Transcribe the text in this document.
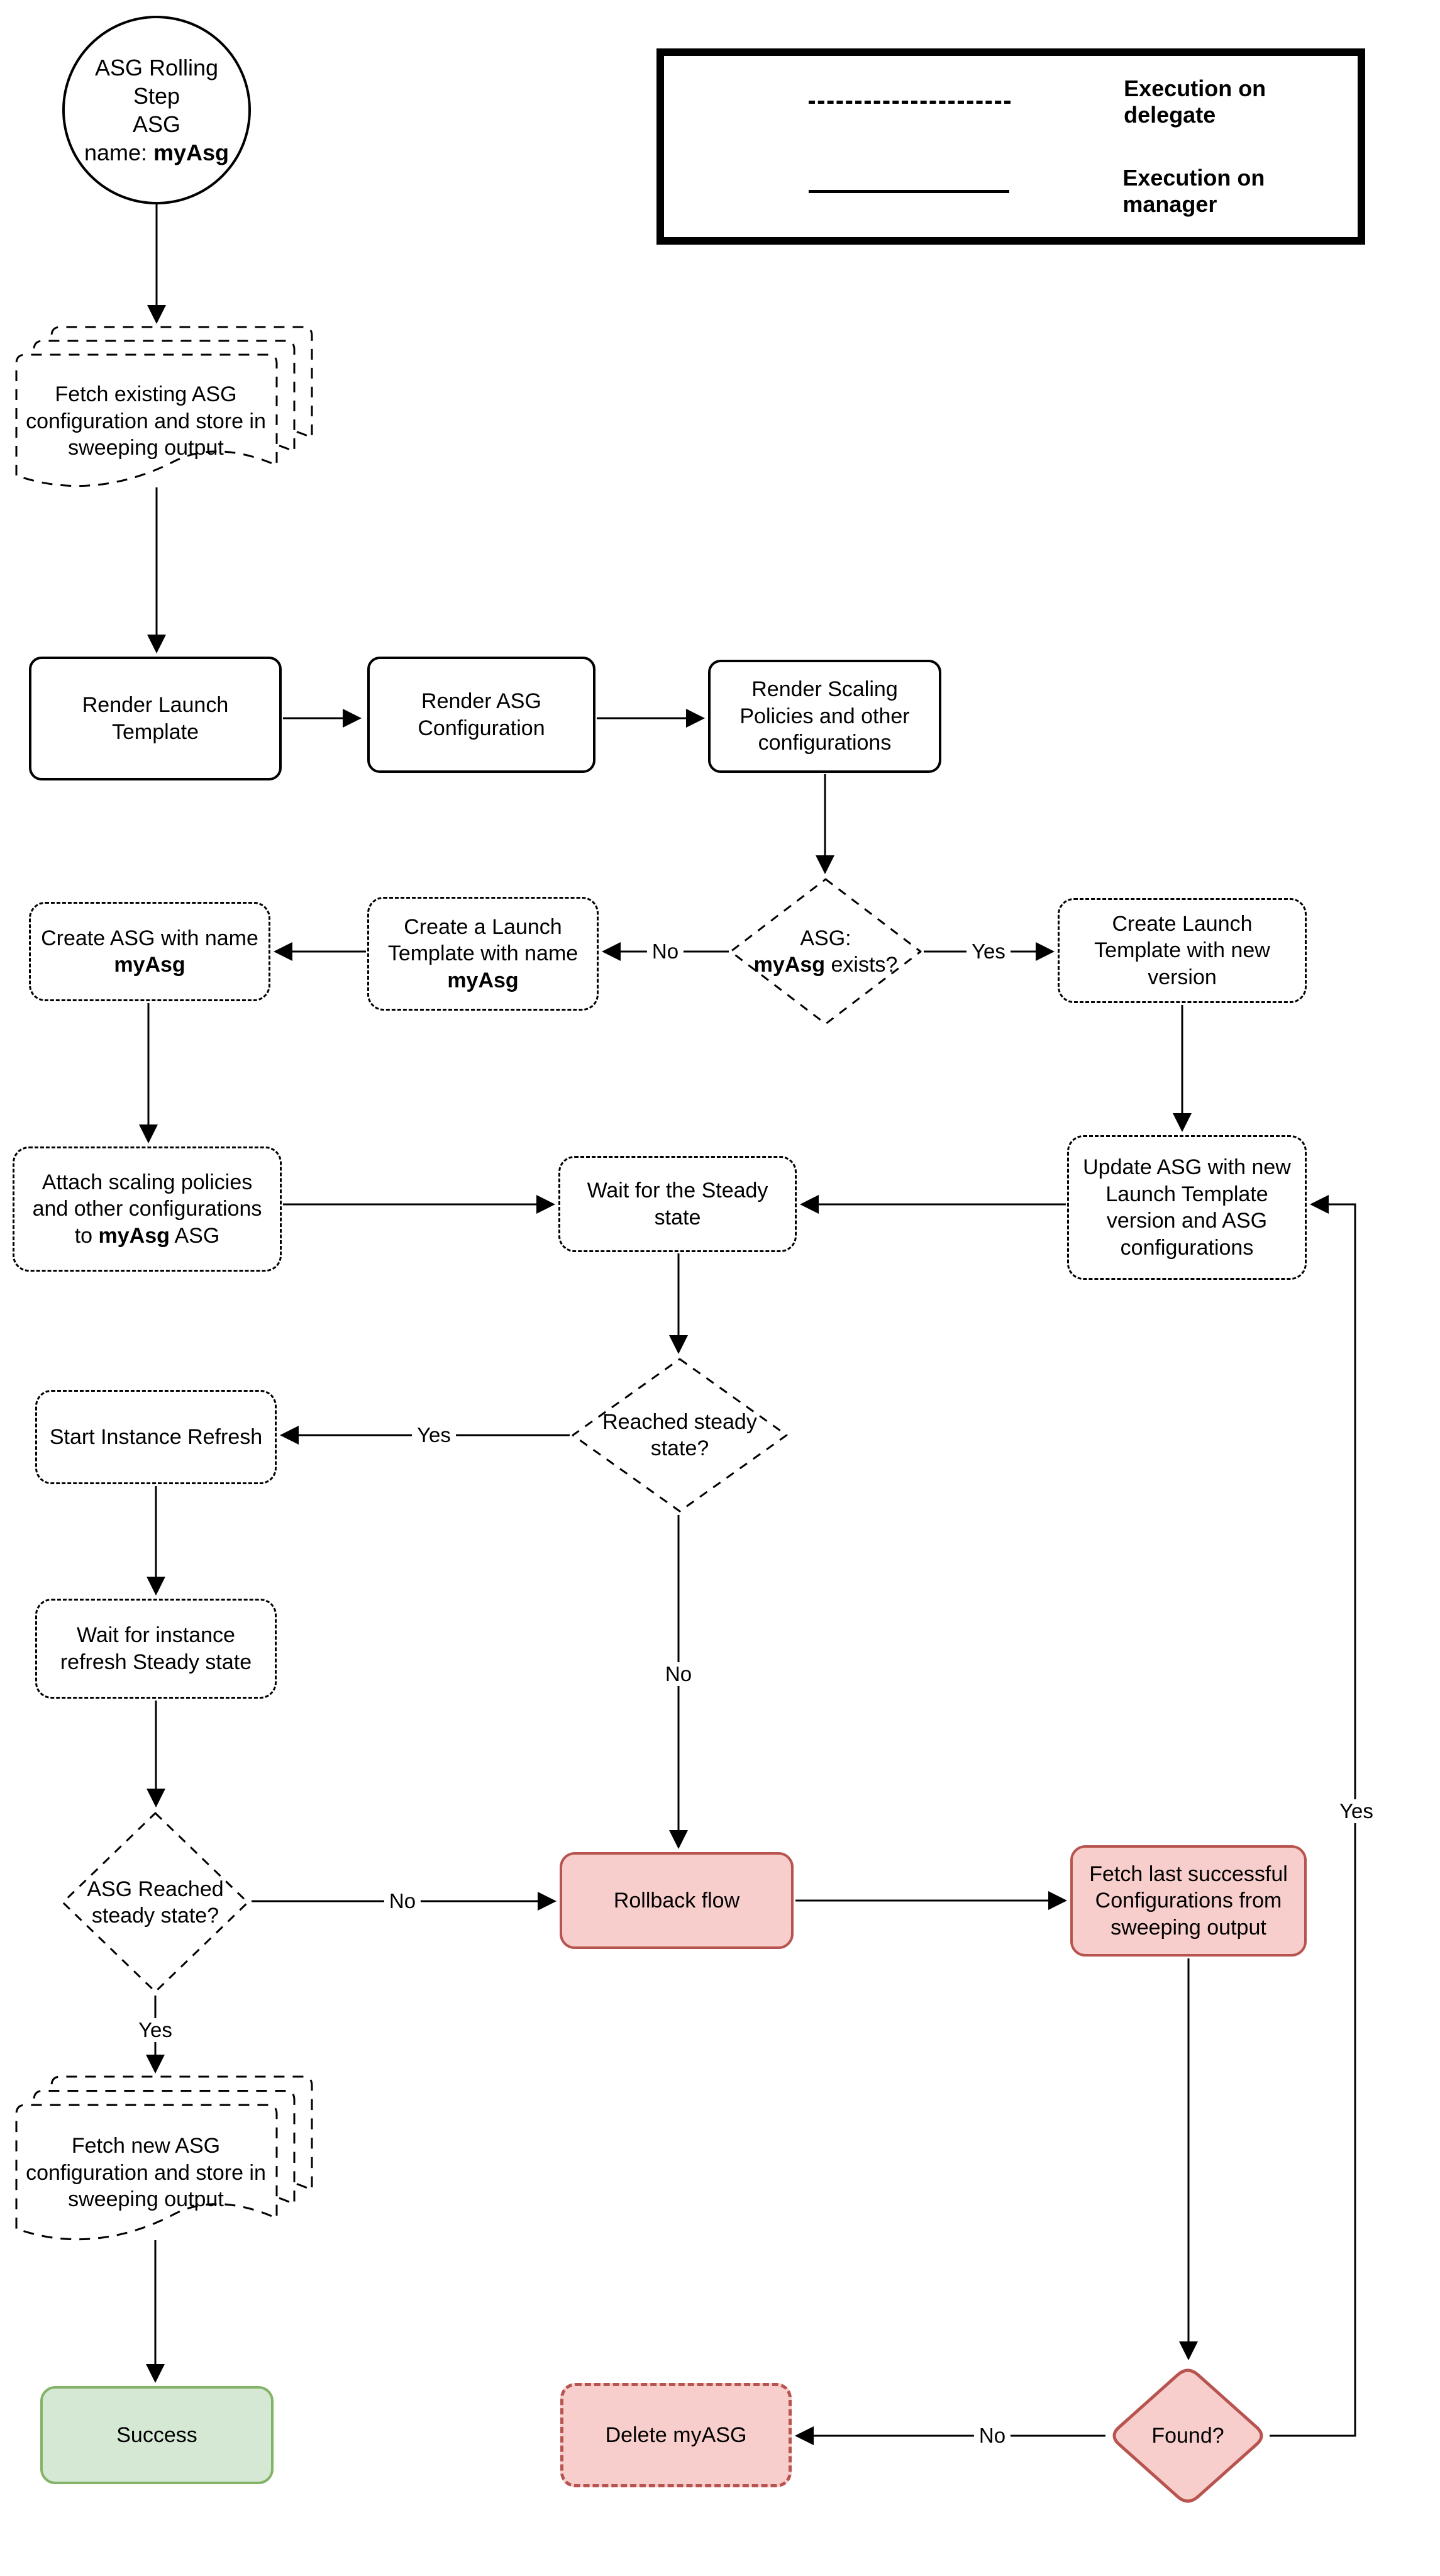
Execution on delegate
Execution on manager
ASG Rolling Step
ASG
name: myAsg
Fetch existing ASG configuration and store in sweeping output
Render Launch Template
Render ASG Configuration
Render Scaling Policies and other configurations
ASG:
myAsg exists?
Create ASG with name myAsg
Create a Launch Template with name myAsg
Create Launch Template with new version
Attach scaling policies and other configurations to myAsg ASG
Wait for the Steady state
Update ASG with new Launch Template version and ASG configurations
Reached steady state?
Start Instance Refresh
Wait for instance refresh Steady state
ASG Reached steady state?
Rollback flow
Fetch last successful Configurations from sweeping output
Fetch new ASG configuration and store in sweeping output
Success	Delete myASG	Found?
No	Yes
Yes
No
No
Yes
No
Yes
